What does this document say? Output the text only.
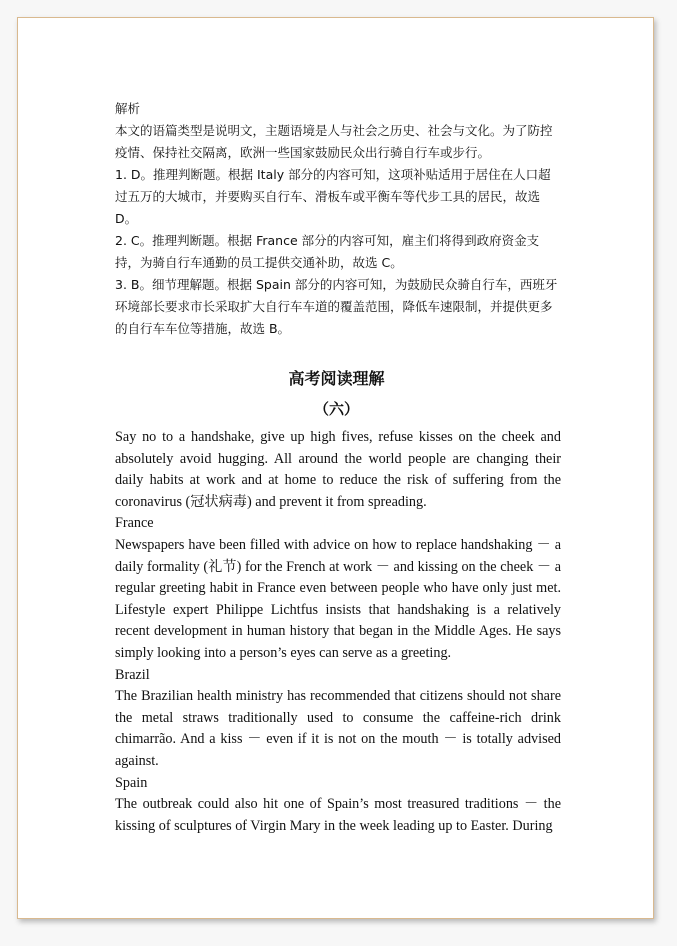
解析

本文的语篇类型是说明文，主题语境是人与社会之历史、社会与文化。为了防控疫情、保持社交隔离，欧洲一些国家鼓励民众出行骑自行车或步行。

1. D。推理判断题。根据 Italy 部分的内容可知，这项补贴适用于居住在人口超过五万的大城市，并要购买自行车、滑板车或平衡车等代步工具的居民，故选 D。

2. C。推理判断题。根据 France 部分的内容可知，雇主们将得到政府资金支持，为骑自行车通勤的员工提供交通补助，故选 C。

3. B。细节理解题。根据 Spain 部分的内容可知，为鼓励民众骑自行车，西班牙环境部长要求市长采取扩大自行车车道的覆盖范围，降低车速限制，并提供更多的自行车车位等措施，故选 B。

高考阅读理解
（六）

Say no to a handshake, give up high fives, refuse kisses on the cheek and absolutely avoid hugging. All around the world people are changing their daily habits at work and at home to reduce the risk of suffering from the coronavirus (冠状病毒) and prevent it from spreading.

France

Newspapers have been filled with advice on how to replace handshaking － a daily formality (礼节) for the French at work － and kissing on the cheek － a regular greeting habit in France even between people who have only just met. Lifestyle expert Philippe Lichtfus insists that handshaking is a relatively recent development in human history that began in the Middle Ages. He says simply looking into a person’s eyes can serve as a greeting.

Brazil

The Brazilian health ministry has recommended that citizens should not share the metal straws traditionally used to consume the caffeine-rich drink chimarrão. And a kiss － even if it is not on the mouth － is totally advised against.

Spain

The outbreak could also hit one of Spain’s most treasured traditions － the kissing of sculptures of Virgin Mary in the week leading up to Easter. During
